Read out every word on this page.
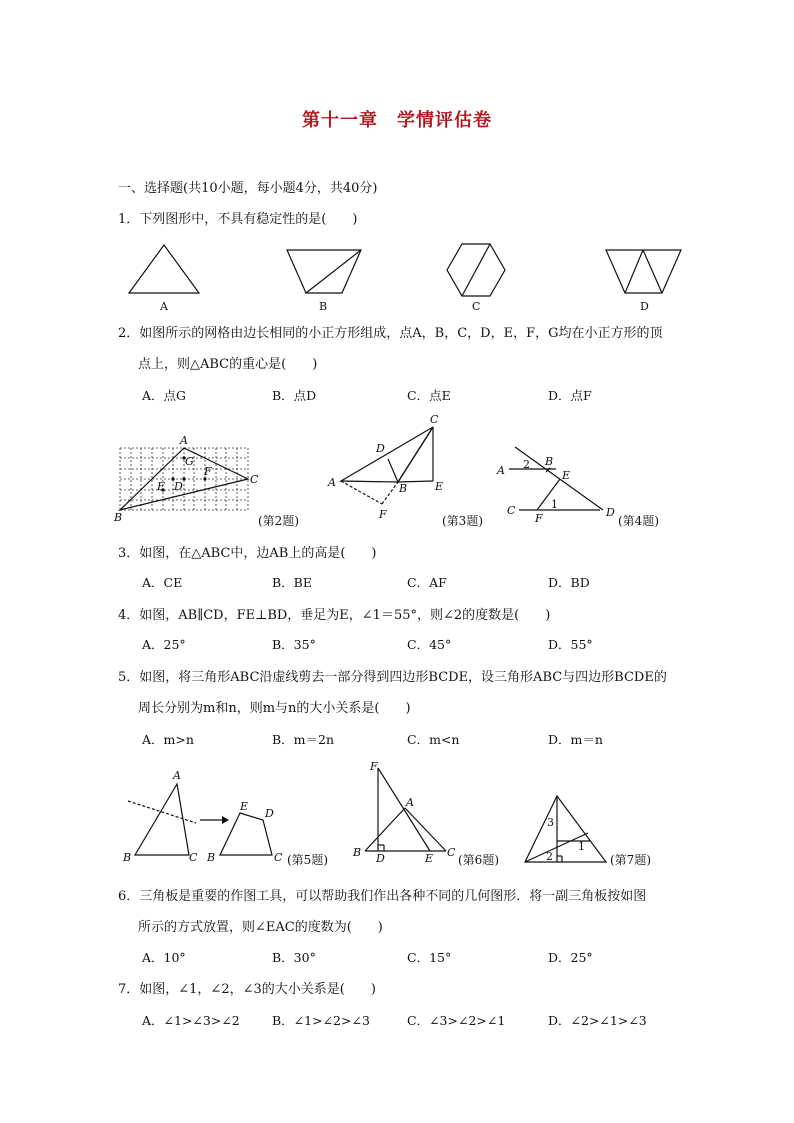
第十一章　学情评估卷
一、选择题(共10小题，每小题4分，共40分)
1．下列图形中，不具有稳定性的是(　　)
A	B	C	D
2．如图所示的网格由边长相同的小正方形组成，点A，B，C，D，E，F，G均在小正方形的顶
点上，则△ABC的重心是(　　)
A．点G	B．点D	C．点E	D．点F
A
G
F
C
E D
B
C
D
A	B	E
F
A 2 B
E
C
F
1
D
(第2题)	(第3题)	(第4题)
3．如图，在△ABC中，边AB上的高是(　　)
A．CE	B．BE	C．AF	D．BD
4．如图，AB∥CD，FE⊥BD，垂足为E，∠1＝55°，则∠2的度数是(　　)
A．25°	B．35°	C．45°	D．55°
5．如图，将三角形ABC沿虚线剪去一部分得到四边形BCDE，设三角形ABC与四边形BCDE的
周长分别为m和n，则m与n的大小关系是(　　)
A．m>n	B．m＝2n	C．m<n	D．m＝n
A
B	C
E
D
B	C
F
A
B D	E C
3
1
2
(第5题)	(第6题)	(第7题)
6．三角板是重要的作图工具，可以帮助我们作出各种不同的几何图形．将一副三角板按如图
所示的方式放置，则∠EAC的度数为(　　)
A．10°	B．30°	C．15°	D．25°
7．如图，∠1，∠2，∠3的大小关系是(　　)
A．∠1>∠3>∠2	B．∠1>∠2>∠3	C．∠3>∠2>∠1	D．∠2>∠1>∠3
